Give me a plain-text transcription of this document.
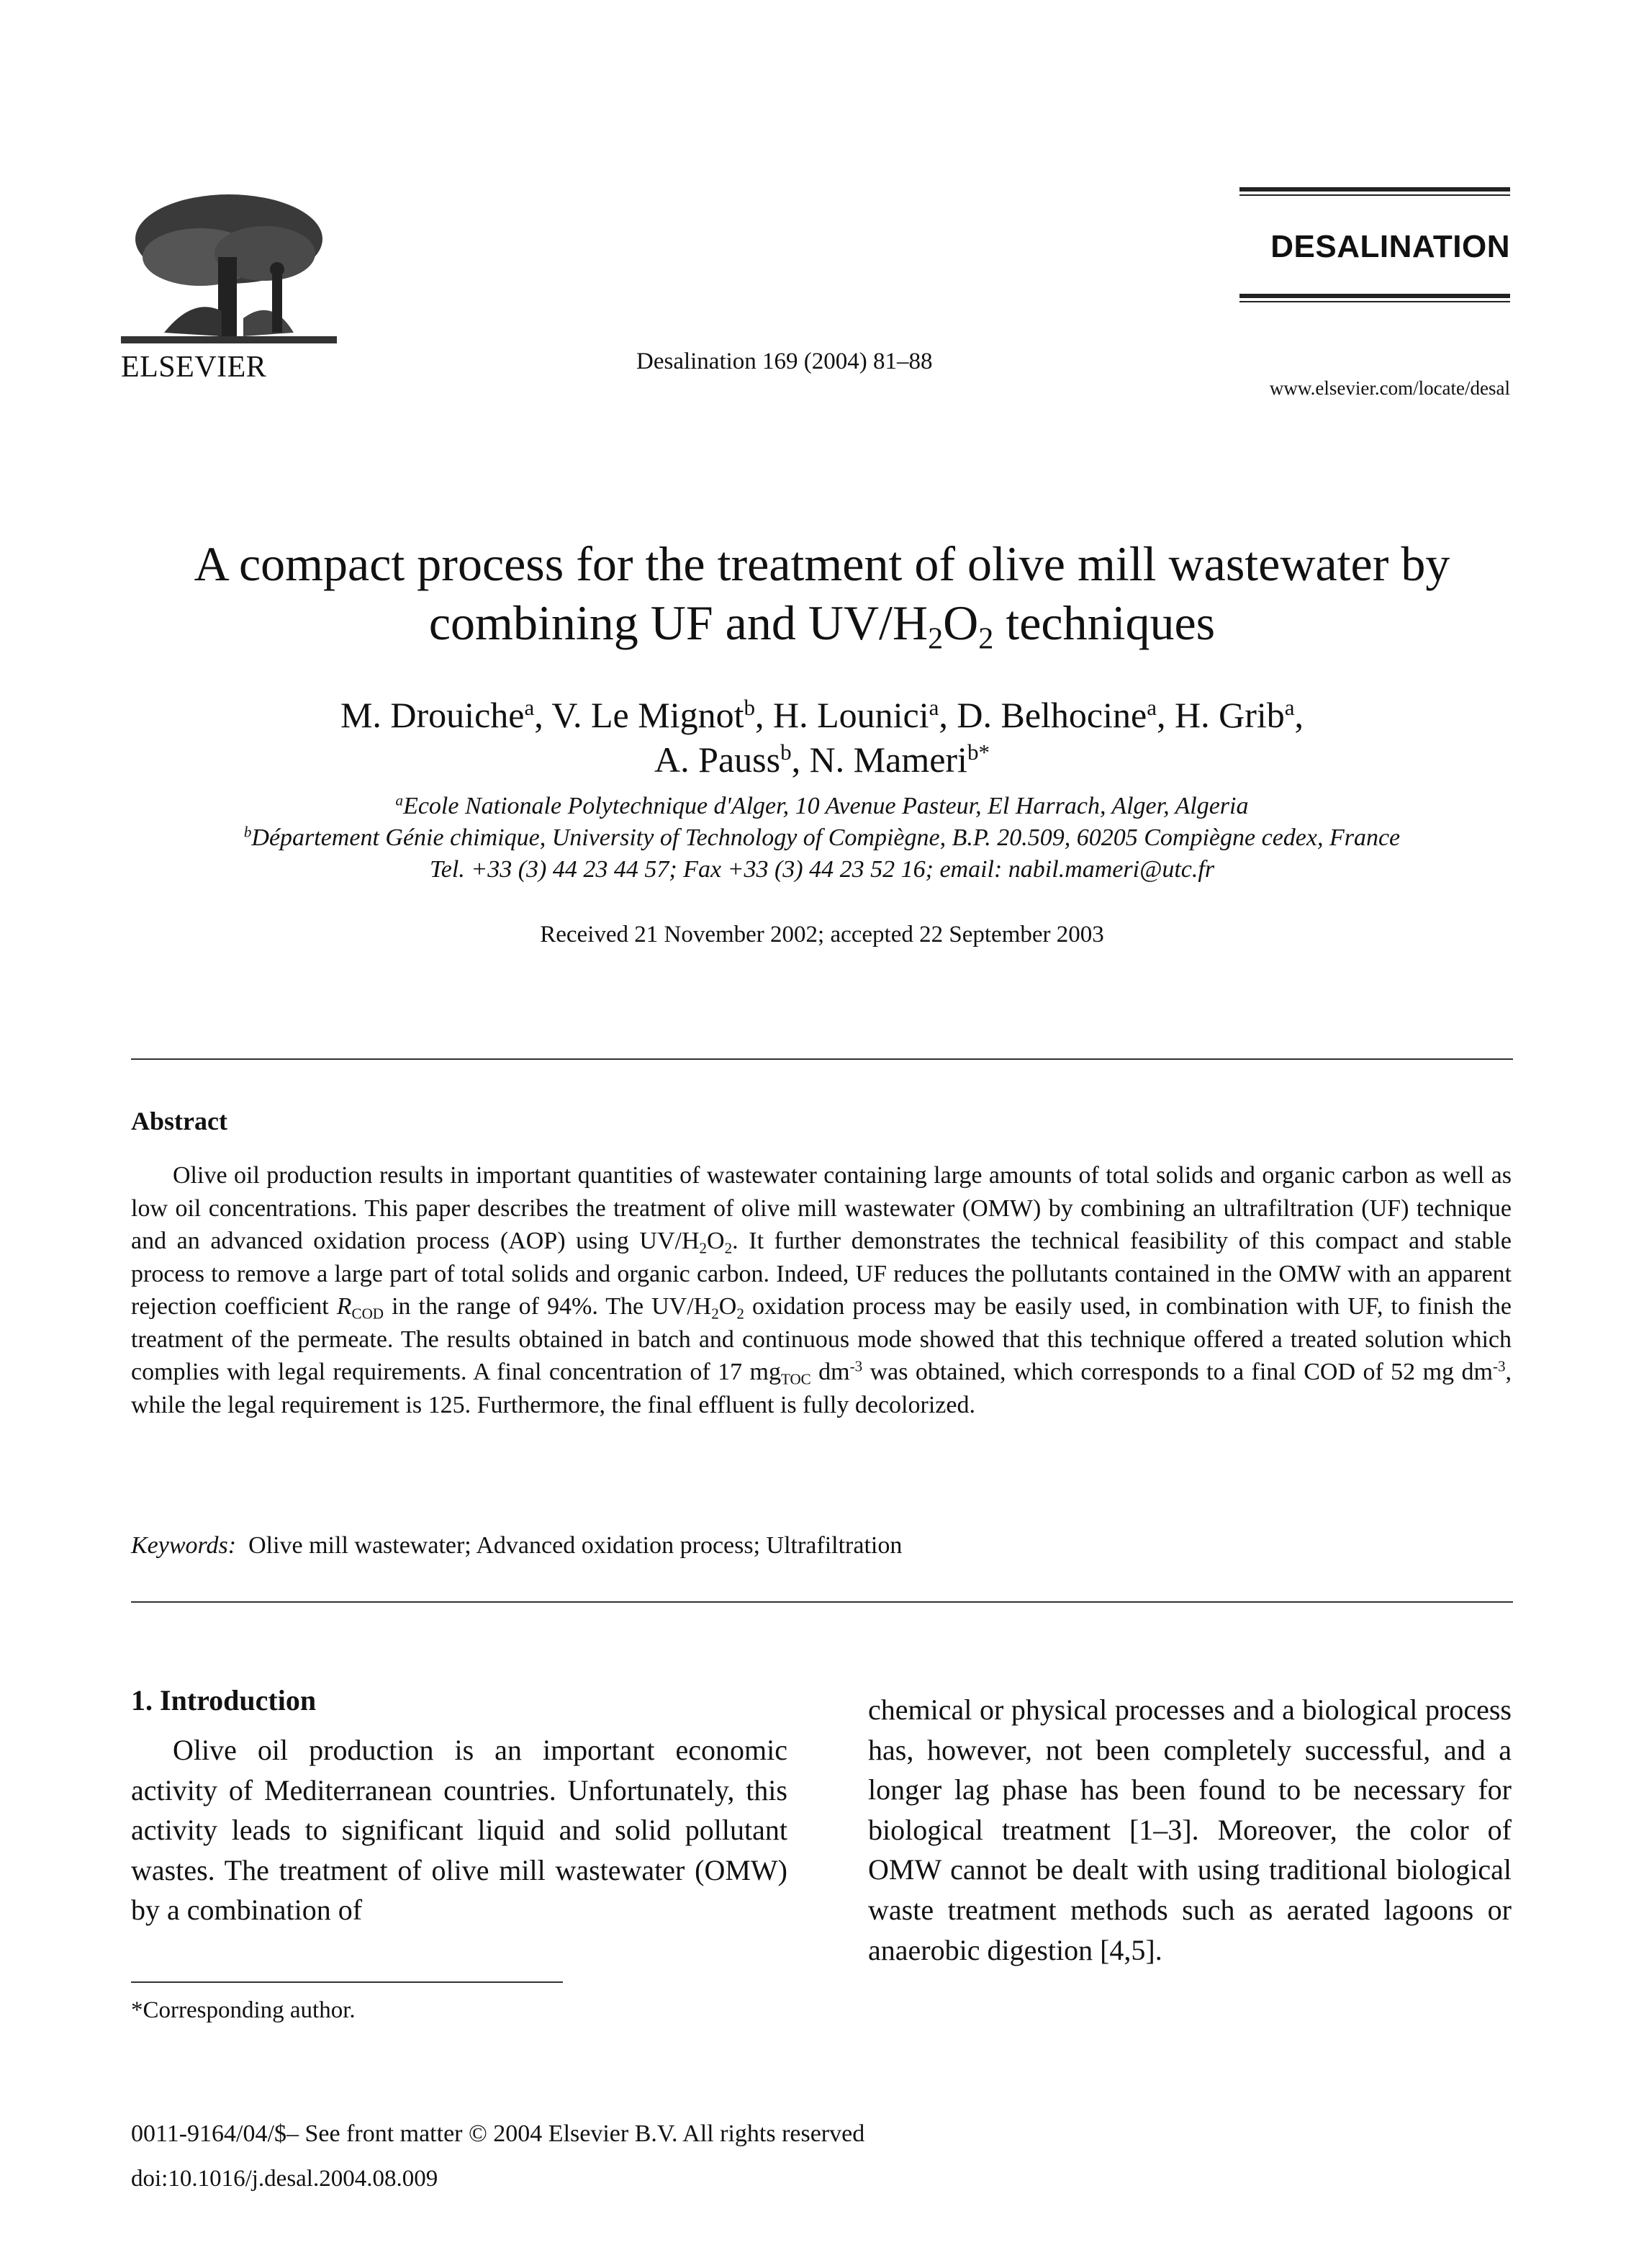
ELSEVIER	Desalination 169 (2004) 81–88
DESALINATION
www.elsevier.com/locate/desal
A compact process for the treatment of olive mill wastewater by
combining UF and $UV/H_2O_2$ techniques
M. Drouiche$^a$, V. Le Mignot$^b$, H. Lounici$^a$, D. Belhocine$^a$, H. Grib$^a$,
A. Pauss$^b$, N. Mameri$^{b*}$
$^a$Ecole Nationale Polytechnique d'Alger, 10 Avenue Pasteur, El Harrach, Alger, Algeria
$^b$Département Génie chimique, University of Technology of Compiègne, B.P. 20.509, 60205 Compiègne cedex, France
Tel. +33 (3) 44 23 44 57; Fax +33 (3) 44 23 52 16; email: nabil.mameri@utc.fr
Received 21 November 2002; accepted 22 September 2003
Abstract
Olive oil production results in important quantities of wastewater containing large amounts of total solids and organic carbon as well as low oil concentrations. This paper describes the treatment of olive mill wastewater (OMW) by combining an ultrafiltration (UF) technique and an advanced oxidation process (AOP) using $UV/H_2O_2$. It further demonstrates the technical feasibility of this compact and stable process to remove a large part of total solids and organic carbon. Indeed, UF reduces the pollutants contained in the OMW with an apparent rejection coefficient $R_{COD}$ in the range of 94%. The $UV/H_2O_2$ oxidation process may be easily used, in combination with UF, to finish the treatment of the permeate. The results obtained in batch and continuous mode showed that this technique offered a treated solution which complies with legal requirements. A final concentration of 17 $mg_{TOC}$ $dm^{-3}$ was obtained, which corresponds to a final COD of 52 mg $dm^{-3}$, while the legal requirement is 125. Furthermore, the final effluent is fully decolorized.
Keywords: Olive mill wastewater; Advanced oxidation process; Ultrafiltration
1. Introduction
Olive oil production is an important economic activity of Mediterranean countries. Unfortunately, this activity leads to significant liquid and solid pollutant wastes. The treatment of olive mill wastewater (OMW) by a combination of
chemical or physical processes and a biological process has, however, not been completely successful, and a longer lag phase has been found to be necessary for biological treatment [1–3]. Moreover, the color of OMW cannot be dealt with using traditional biological waste treatment methods such as aerated lagoons or anaerobic digestion [4,5].
*Corresponding author.
0011-9164/04/$– See front matter © 2004 Elsevier B.V. All rights reserved
doi:10.1016/j.desal.2004.08.009
